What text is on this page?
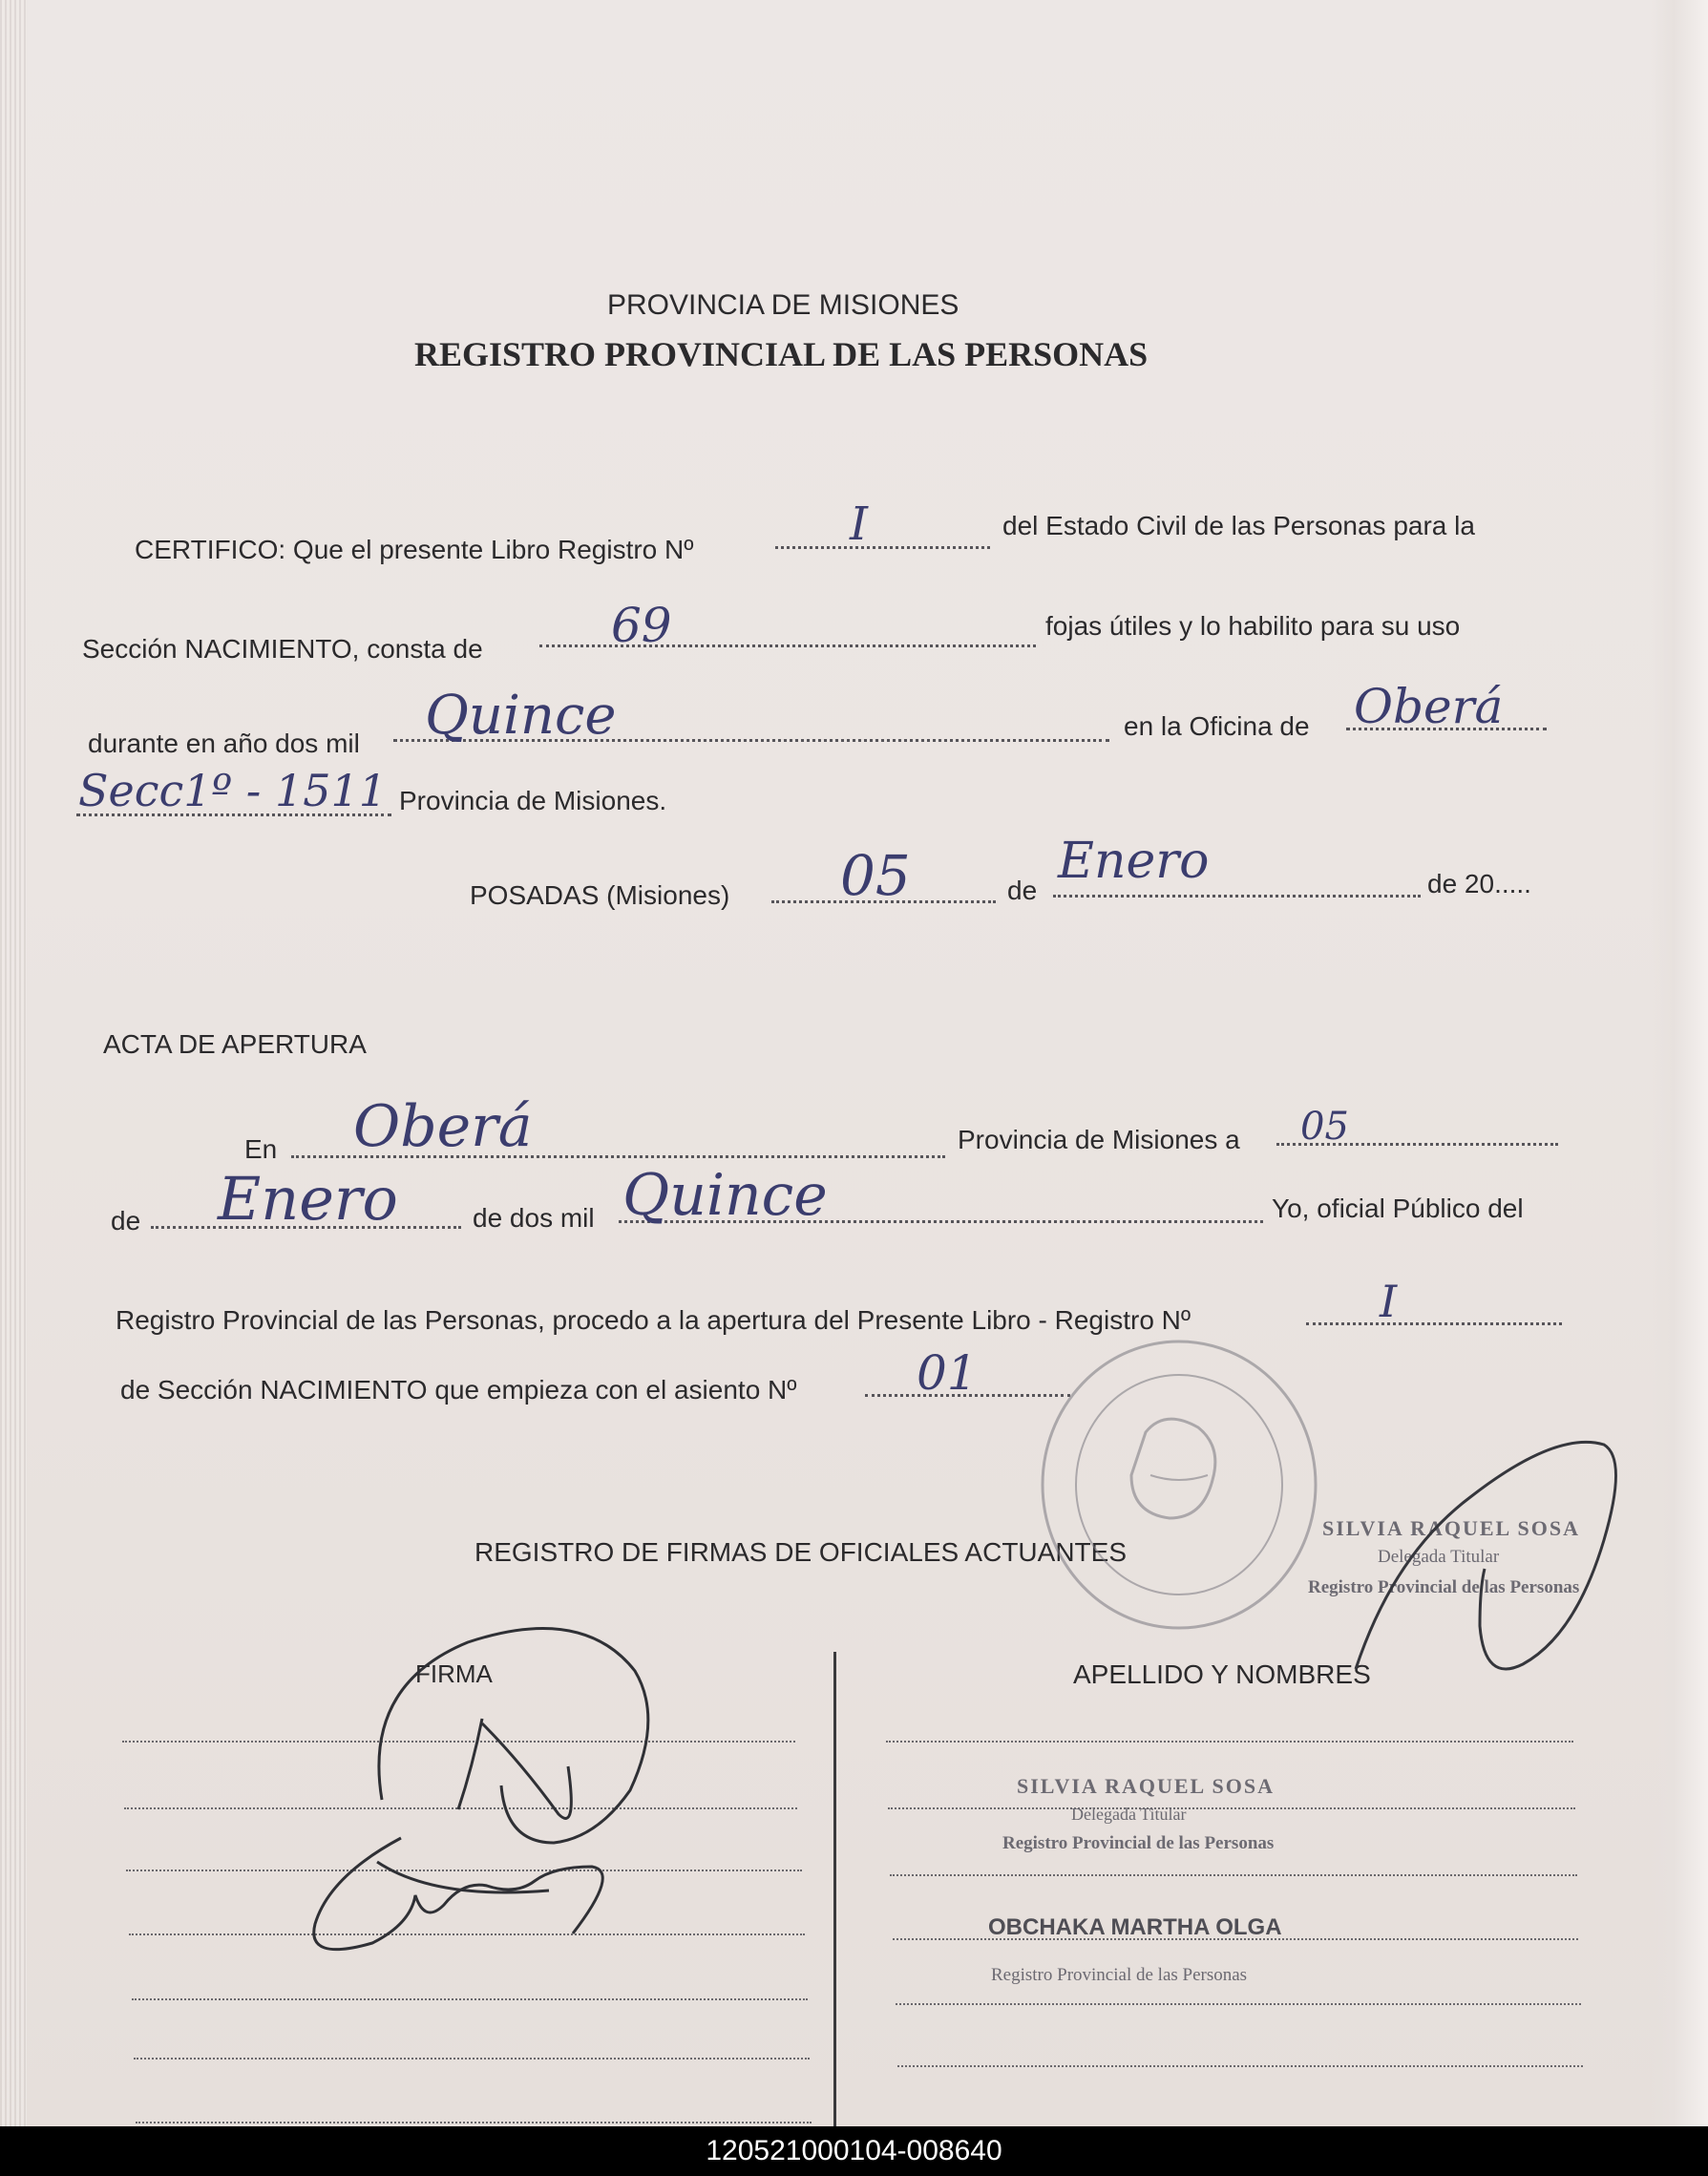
PROVINCIA DE MISIONES
REGISTRO PROVINCIAL DE LAS PERSONAS
CERTIFICO: Que el presente Libro Registro Nº	I	del Estado Civil de las Personas para la
Sección NACIMIENTO, consta de	69	fojas útiles y lo habilito para su uso
durante en año dos mil Quince	en la Oficina de Oberá
Secc1º - 1511 Provincia de Misiones.
POSADAS (Misiones) 05	de
Enero	de 20.....
ACTA DE APERTURA
En Oberá	Provincia de Misiones a 05
de Enero	de dos mil Quince	Yo, oficial Público del
Registro Provincial de las Personas, procedo a la apertura del Presente Libro - Registro Nº	I
de Sección NACIMIENTO que empieza con el asiento Nº	01
REGISTRO DE FIRMAS DE OFICIALES ACTUANTES
FIRMA	APELLIDO Y NOMBRES
SILVIA RAQUEL SOSA
Delegada Titular
Registro Provincial de las Personas
SILVIA RAQUEL SOSA
Delegada Titular
Registro Provincial de las Personas
OBCHAKA MARTHA OLGA
Registro Provincial de las Personas
120521000104-008640
